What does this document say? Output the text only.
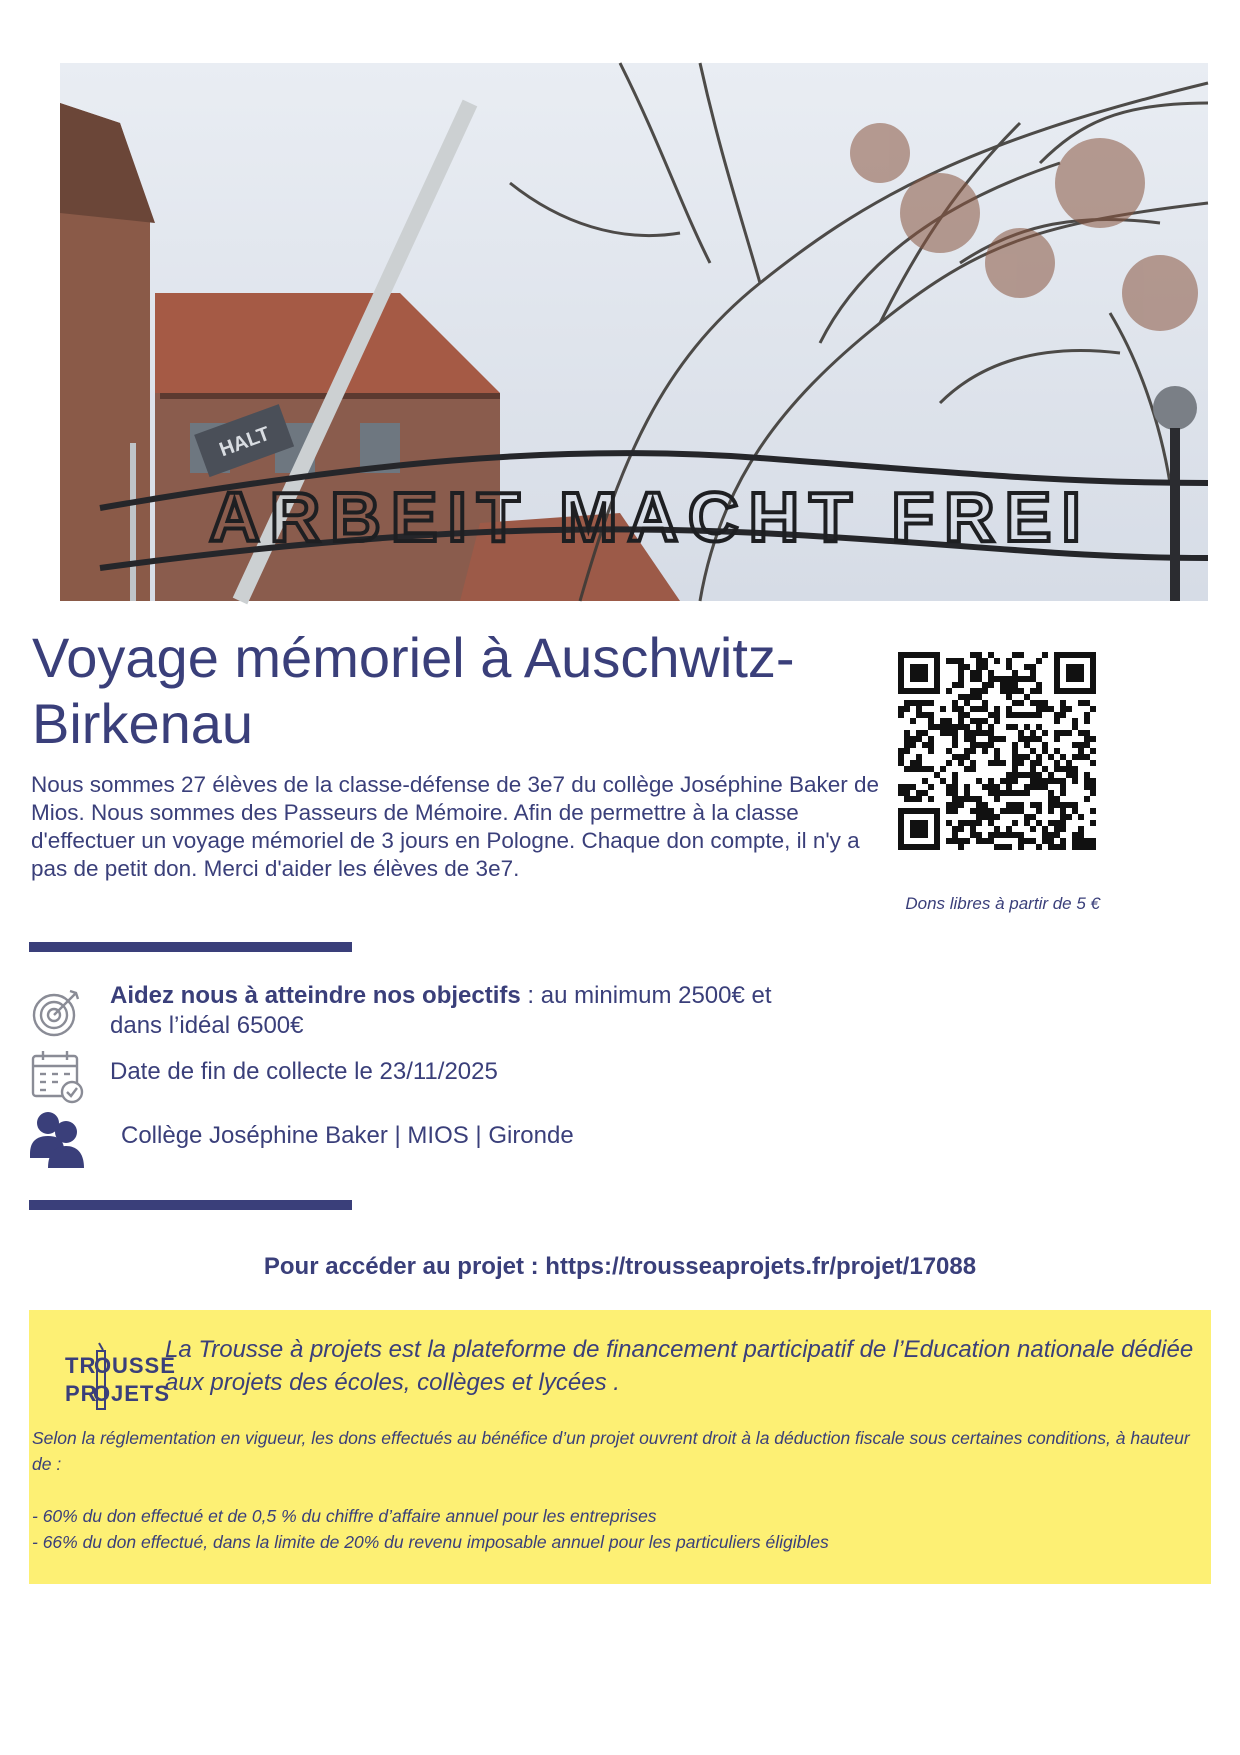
HALT
ARBEIT MACHT FREI
Voyage mémoriel à Auschwitz-Birkenau
Nous sommes 27 élèves de la classe-défense de 3e7 du collège Joséphine Baker de Mios. Nous sommes des Passeurs de Mémoire. Afin de permettre à la classe d'effectuer un voyage mémoriel de 3 jours en Pologne. Chaque don compte, il n'y a pas de petit don. Merci d'aider les élèves de 3e7.
Dons libres à partir de 5 €
Aidez nous à atteindre nos objectifs : au minimum 2500€ et dans l’idéal 6500€
Date de fin de collecte le 23/11/2025
Collège Joséphine Baker | MIOS | Gironde
Pour accéder au projet : https://trousseaprojets.fr/projet/17088
TR
O USSE
PR
O JETS
La Trousse à projets est la plateforme de financement participatif de l’Education nationale dédiée aux projets des écoles, collèges et lycées .

Selon la réglementation en vigueur, les dons effectués au bénéfice d’un projet ouvrent droit à la déduction fiscale sous certaines conditions, à hauteur de :

- 60% du don effectué et de 0,5 % du chiffre d’affaire annuel pour les entreprises

- 66% du don effectué, dans la limite de 20% du revenu imposable annuel pour les particuliers éligibles
